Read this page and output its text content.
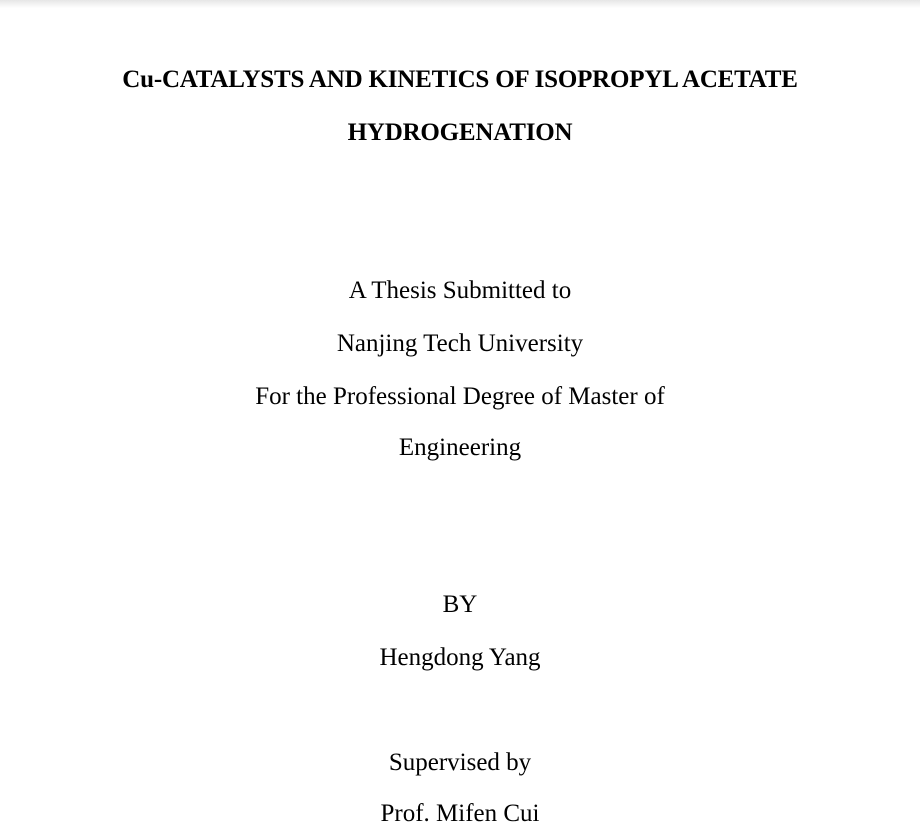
Cu-CATALYSTS AND KINETICS OF ISOPROPYL ACETATE
HYDROGENATION
A Thesis Submitted to
Nanjing Tech University
For the Professional Degree of Master of
Engineering
BY
Hengdong Yang
Supervised by
Prof. Mifen Cui
